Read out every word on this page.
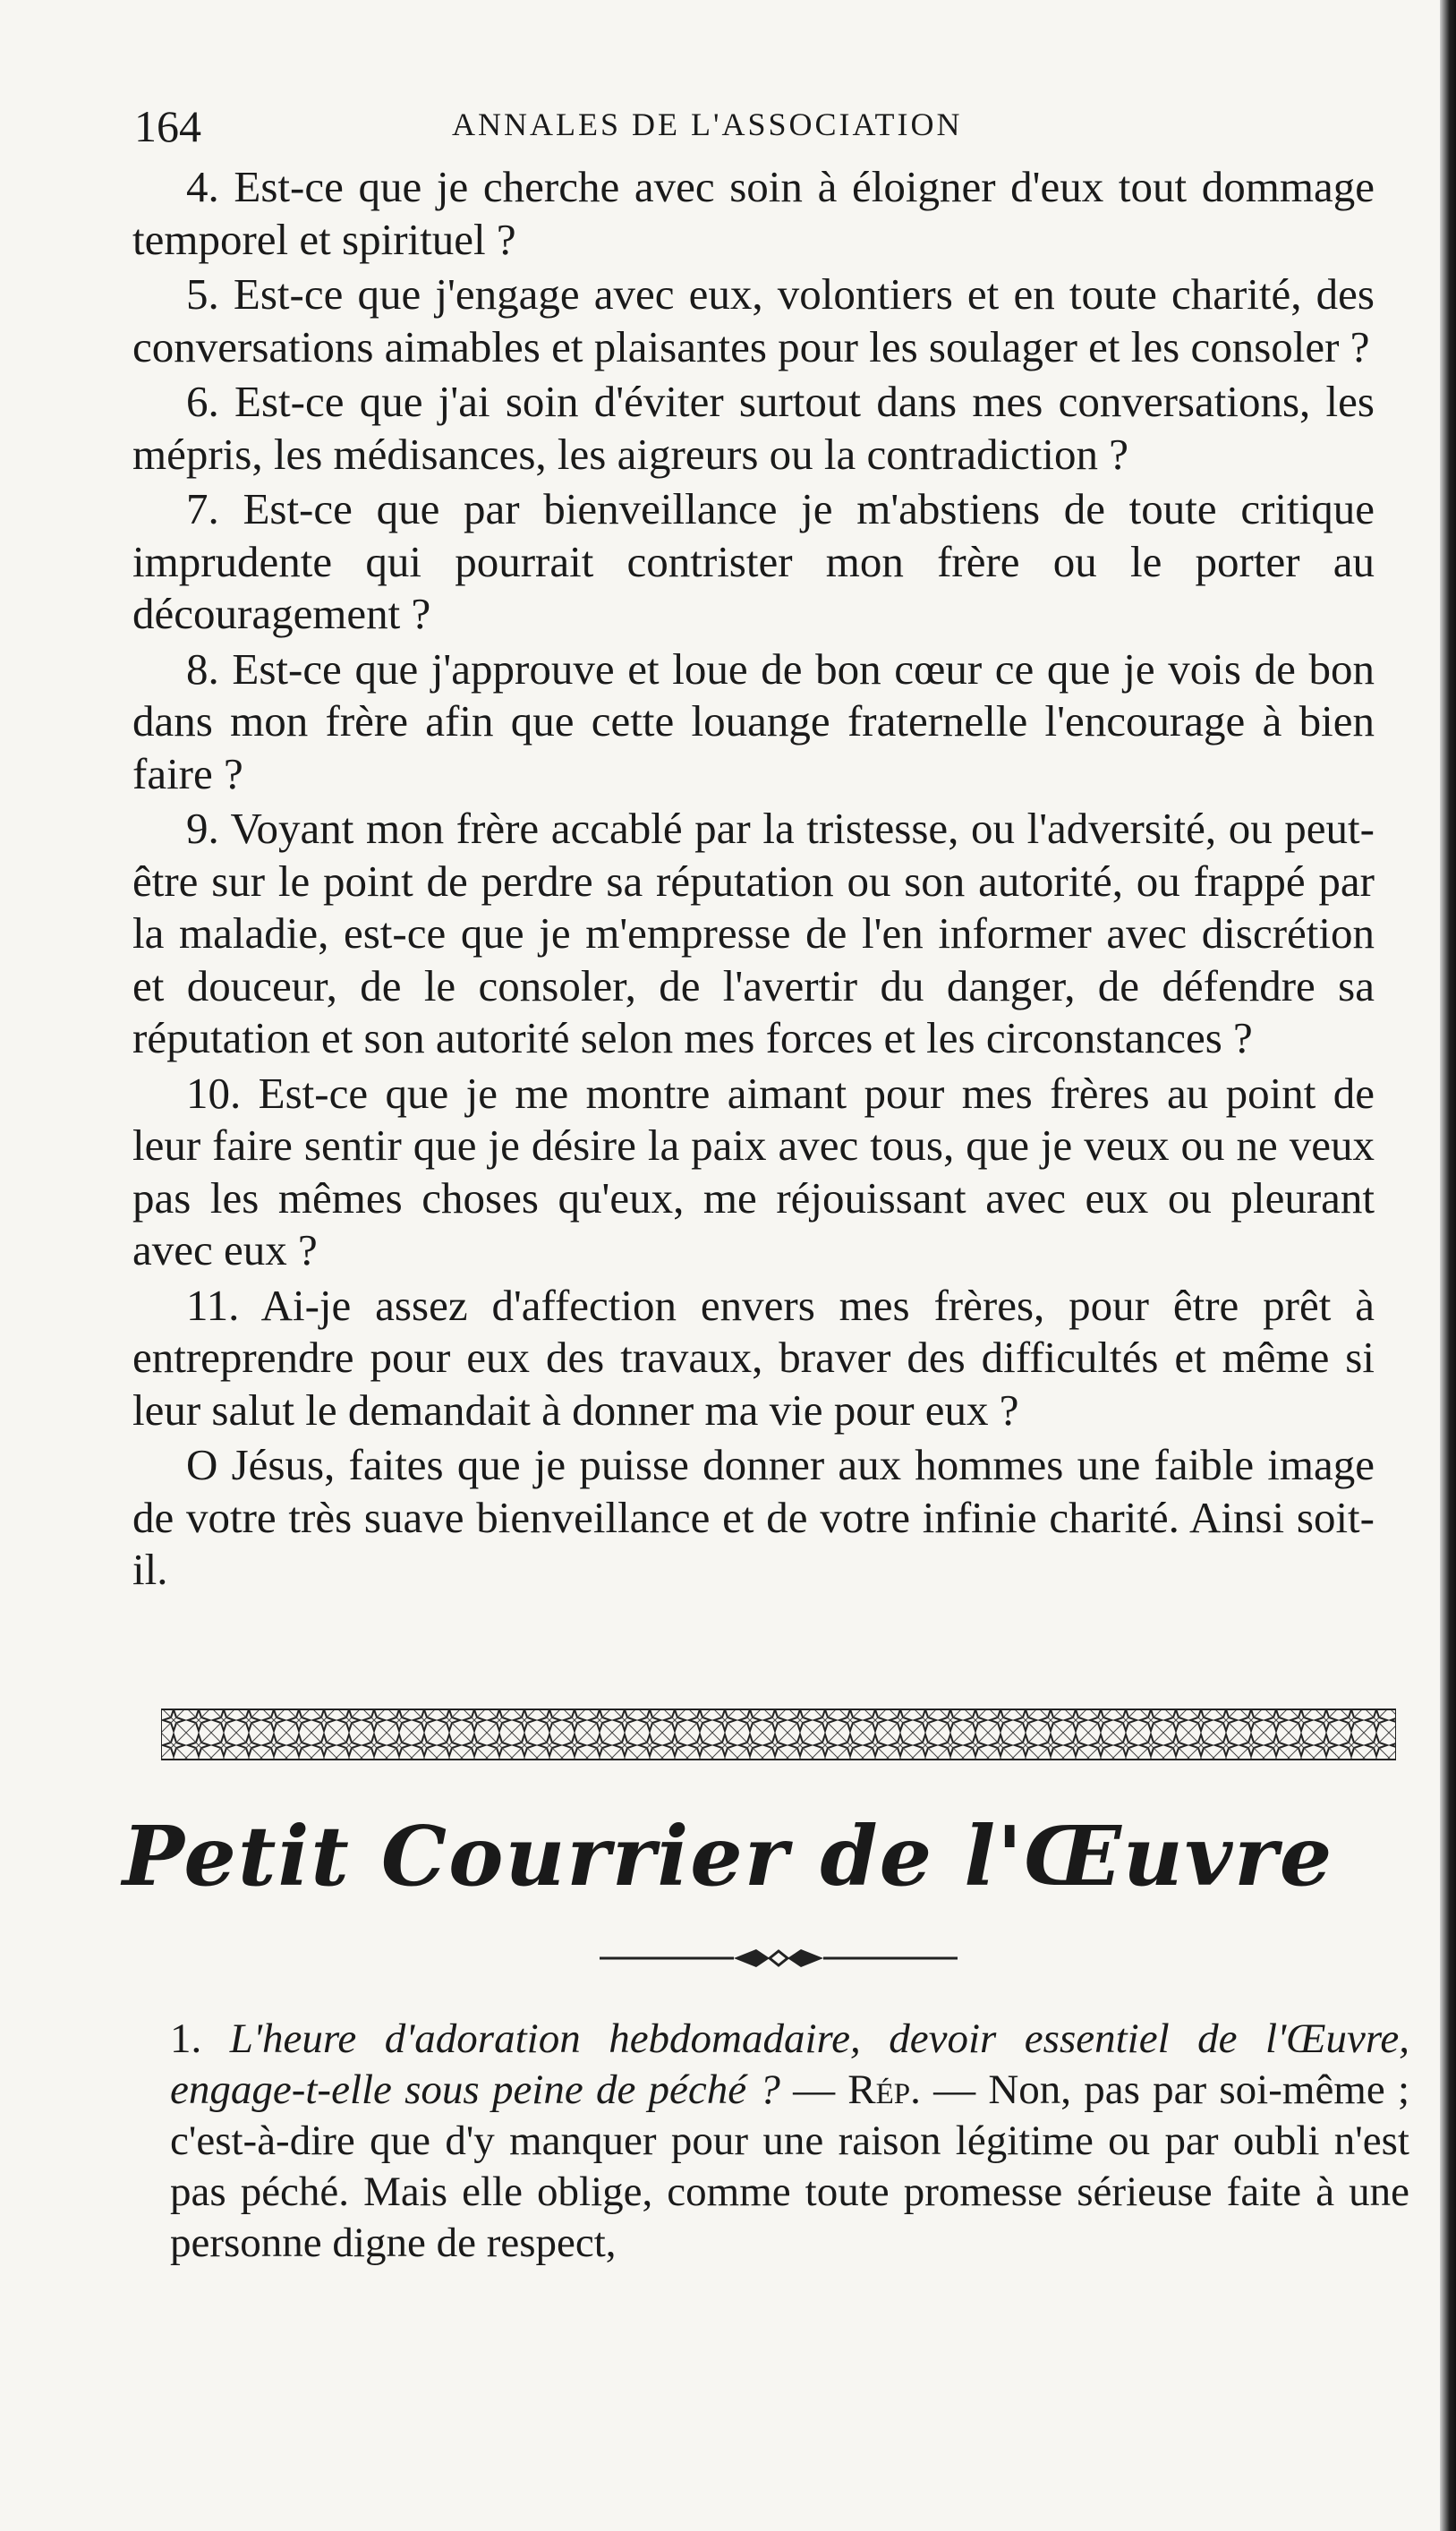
164	ANNALES DE L'ASSOCIATION

4. Est-ce que je cherche avec soin à éloigner d'eux tout dommage temporel et spirituel ?

5. Est-ce que j'engage avec eux, volontiers et en toute charité, des conversations aimables et plaisantes pour les soulager et les consoler ?

6. Est-ce que j'ai soin d'éviter surtout dans mes conversations, les mépris, les médisances, les aigreurs ou la contradiction ?

7. Est-ce que par bienveillance je m'abstiens de toute critique imprudente qui pourrait contrister mon frère ou le porter au découragement ?

8. Est-ce que j'approuve et loue de bon cœur ce que je vois de bon dans mon frère afin que cette louange fraternelle l'encourage à bien faire ?

9. Voyant mon frère accablé par la tristesse, ou l'adversité, ou peut-être sur le point de perdre sa réputation ou son autorité, ou frappé par la maladie, est-ce que je m'empresse de l'en informer avec discrétion et douceur, de le consoler, de l'avertir du danger, de défendre sa réputation et son autorité selon mes forces et les circonstances ?

10. Est-ce que je me montre aimant pour mes frères au point de leur faire sentir que je désire la paix avec tous, que je veux ou ne veux pas les mêmes choses qu'eux, me réjouissant avec eux ou pleurant avec eux ?

11. Ai-je assez d'affection envers mes frères, pour être prêt à entreprendre pour eux des travaux, braver des difficultés et même si leur salut le demandait à donner ma vie pour eux ?

O Jésus, faites que je puisse donner aux hommes une faible image de votre très suave bienveillance et de votre infinie charité. Ainsi soit-il.

Petit Courrier de l'Œuvre
1. L'heure d'adoration hebdomadaire, devoir essentiel de l'Œuvre, engage-t-elle sous peine de péché ? — Rép. — Non, pas par soi-même ; c'est-à-dire que d'y manquer pour une raison légitime ou par oubli n'est pas péché. Mais elle oblige, comme toute promesse sérieuse faite à une personne digne de respect,
